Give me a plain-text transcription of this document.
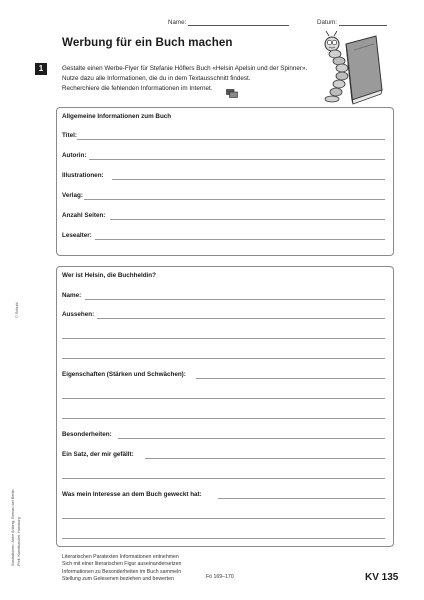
Name:	Datum:
Werbung für ein Buch machen
1	Gestalte einen Werbe-Flyer für Stefanie Höflers Buch «Helsin Apelsin und der Spinner».
Nutze dazu alle Informationen, die du in dem Textausschnitt findest.
Recherchiere die fehlenden Informationen im Internet.
Allgemeine Informationen zum Buch
Titel:
Autorin:
Illustrationen:
Verlag:
Anzahl Seiten:
Lesealter:
Wer ist Helsin, die Buchheldin?
Name:
Aussehen:
Eigenschaften (Stärken und Schwächen):
Besonderheiten:
Ein Satz, der mir gefällt:
Was mein Interesse an dem Buch geweckt hat:
© Schubi
Illustrationen: Anke Anberg, Brenau bei Berlin; Pfeil: Kunstkanzlei, Hamburg	Literarischen Paratexten Informationen entnehmen
Sich mit einer literarischen Figur auseinandersetzen
Informationen zu Besonderheiten im Buch sammeln
Stellung zum Gelesenen beziehen und bewerten	Fö 169–170	KV 135
